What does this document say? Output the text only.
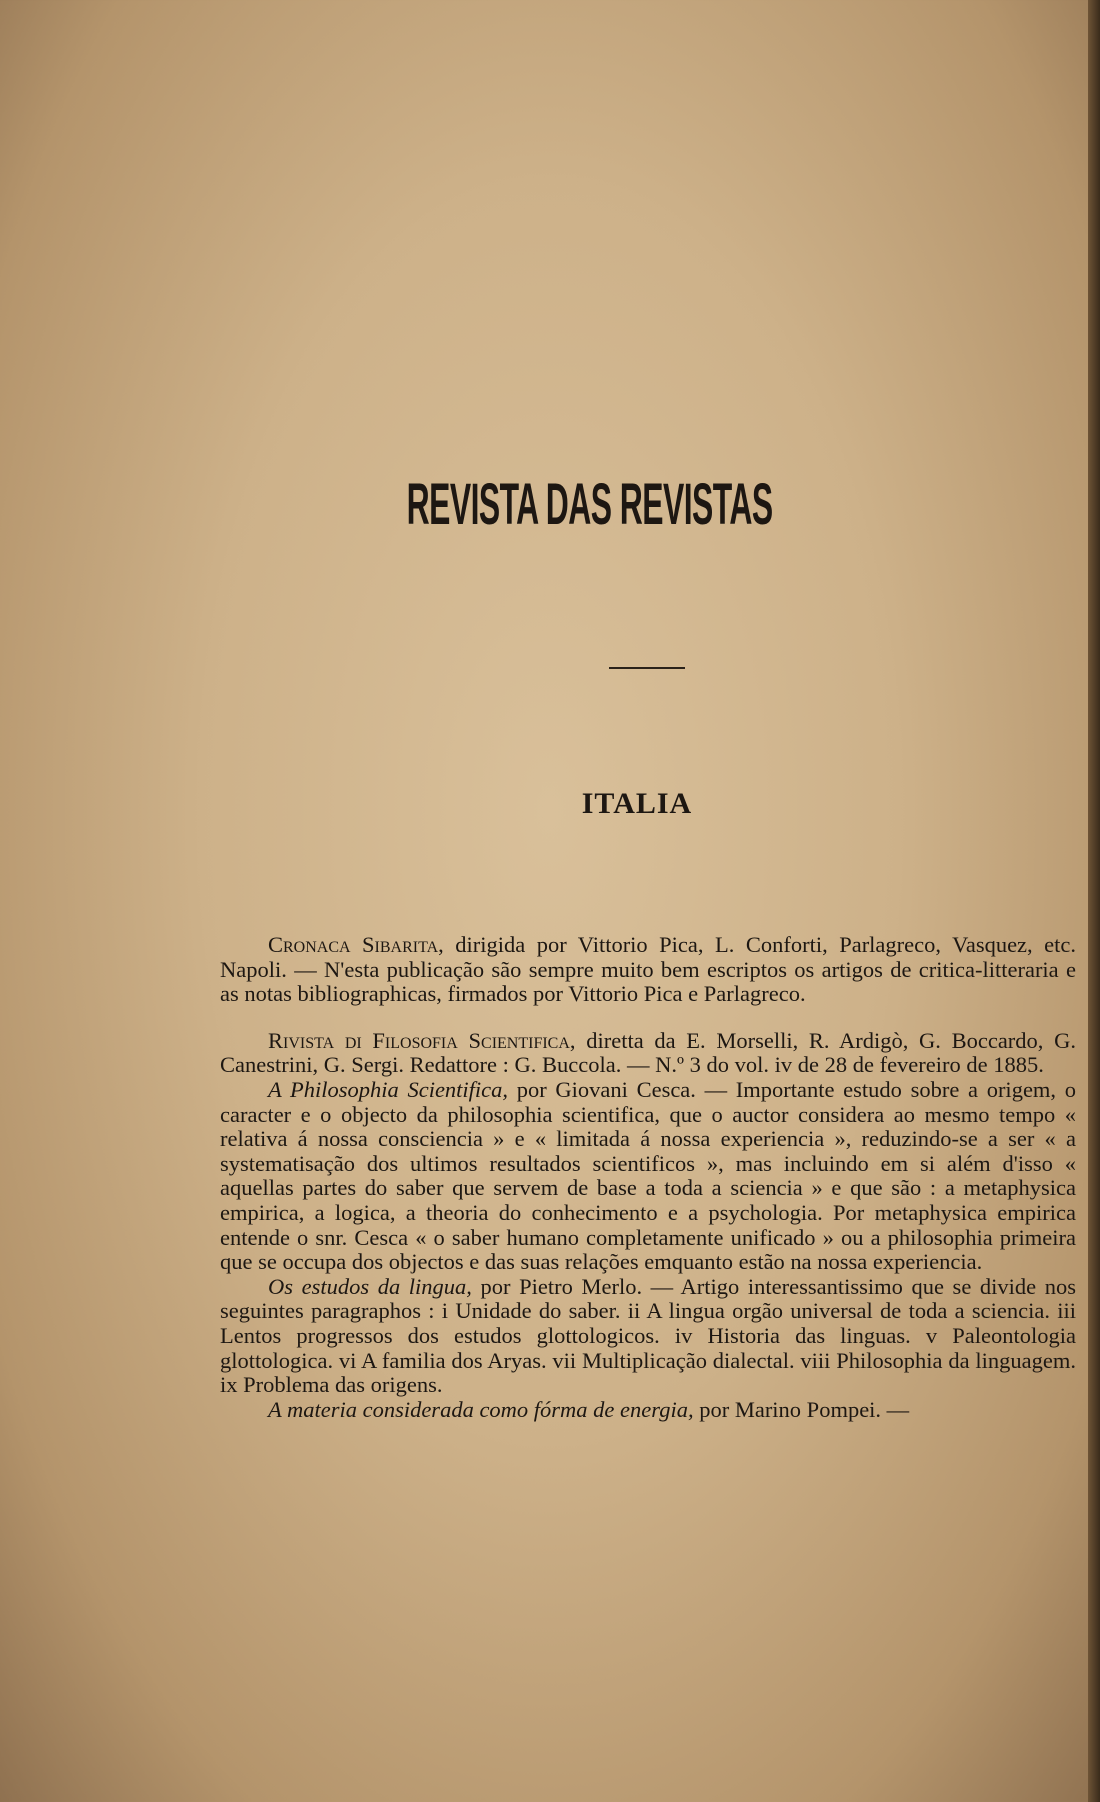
REVISTA DAS REVISTAS
ITALIA

Cronaca Sibarita, dirigida por Vittorio Pica, L. Conforti, Parlagreco, Vasquez, etc. Napoli. — N'esta publicação são sempre muito bem escriptos os artigos de critica-litteraria e as notas bibliographicas, firmados por Vittorio Pica e Parlagreco.

Rivista di Filosofia Scientifica, diretta da E. Morselli, R. Ardigò, G. Boccardo, G. Canestrini, G. Sergi. Redattore : G. Buccola. — N.º 3 do vol. iv de 28 de fevereiro de 1885.

A Philosophia Scientifica, por Giovani Cesca. — Importante estudo sobre a origem, o caracter e o objecto da philosophia scientifica, que o auctor considera ao mesmo tempo « relativa á nossa consciencia » e « limitada á nossa experiencia », reduzindo-se a ser « a systematisação dos ultimos resultados scientificos », mas incluindo em si além d'isso « aquellas partes do saber que servem de base a toda a sciencia » e que são : a metaphysica empirica, a logica, a theoria do conhecimento e a psychologia. Por metaphysica empirica entende o snr. Cesca « o saber humano completamente unificado » ou a philosophia primeira que se occupa dos objectos e das suas relações emquanto estão na nossa experiencia.

Os estudos da lingua, por Pietro Merlo. — Artigo interessantissimo que se divide nos seguintes paragraphos : i Unidade do saber. ii A lingua orgão universal de toda a sciencia. iii Lentos progressos dos estudos glottologicos. iv Historia das linguas. v Paleontologia glottologica. vi A familia dos Aryas. vii Multiplicação dialectal. viii Philosophia da linguagem. ix Problema das origens.

A materia considerada como fórma de energia, por Marino Pompei. —
